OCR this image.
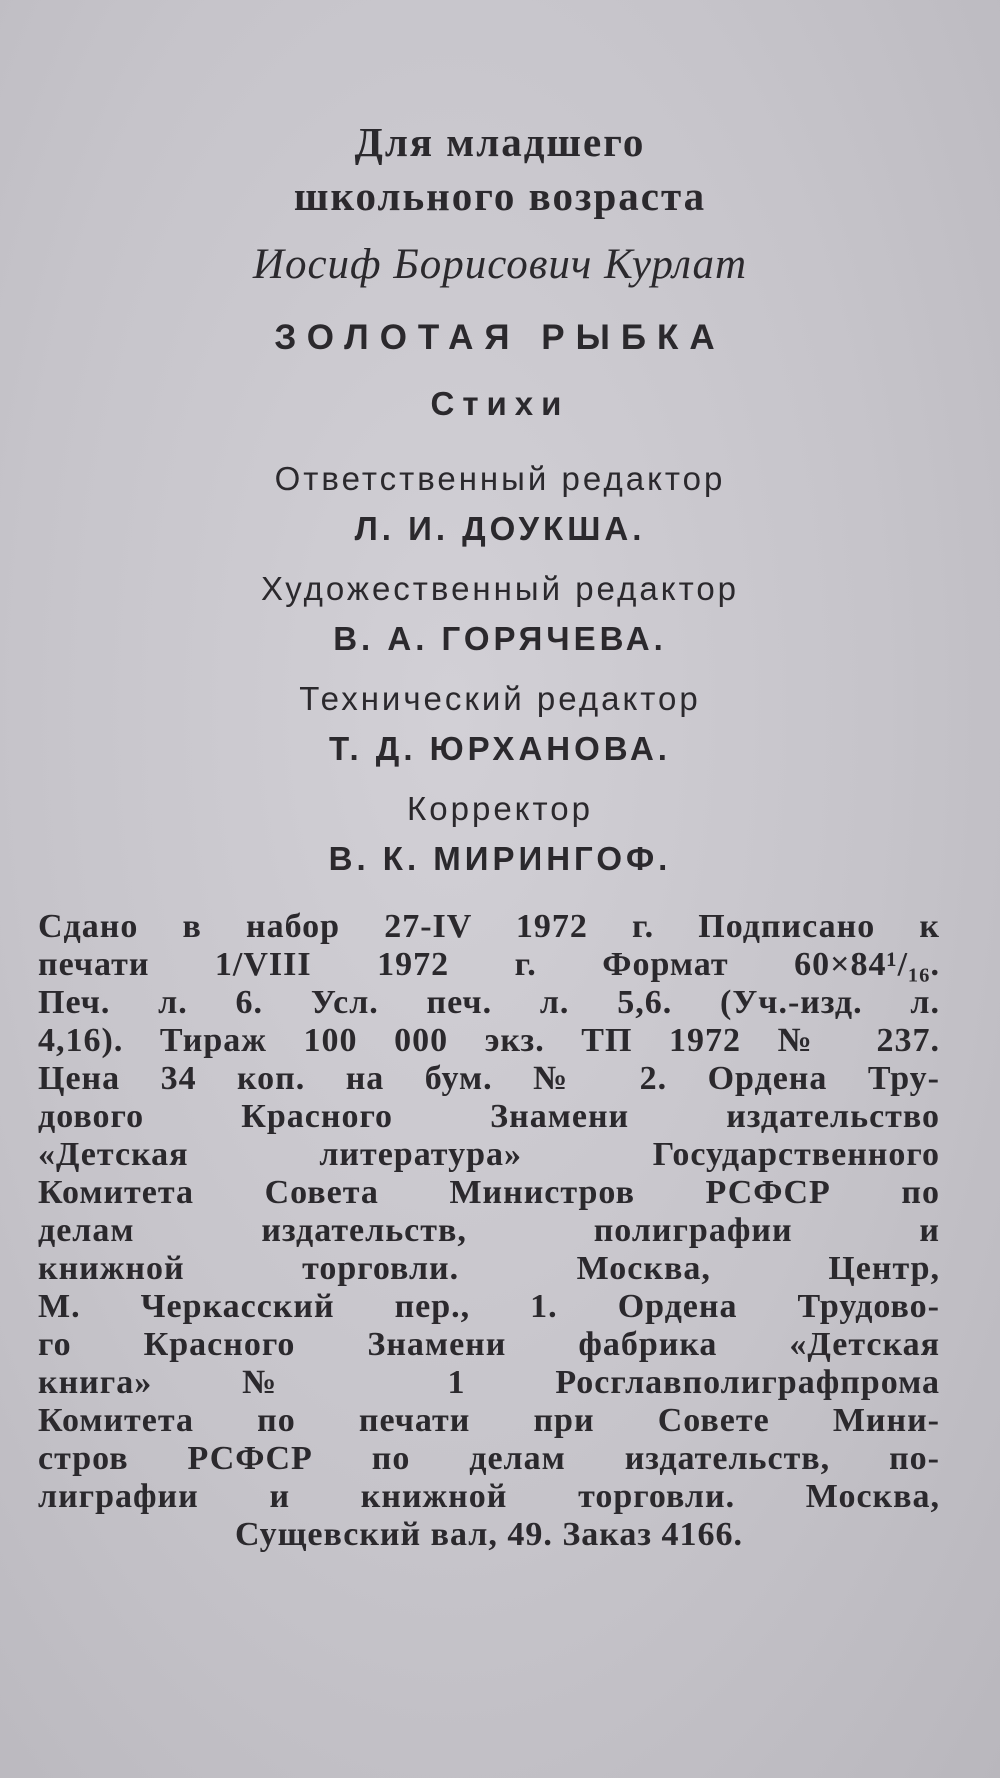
Для младшего
школьного возраста
Иосиф Борисович Курлат
ЗОЛОТАЯ РЫБКА
Стихи
Ответственный редактор
Л. И. ДОУКША.
Художественный редактор
В. А. ГОРЯЧЕВА.
Технический редактор
Т. Д. ЮРХАНОВА.
Корректор
В. К. МИРИНГОФ.
Сдано в набор 27-IV 1972 г. Подписано к
печати 1/VIII 1972 г. Формат 60×84¹/₁₆.
Печ. л. 6. Усл. печ. л. 5,6. (Уч.-изд. л.
4,16). Тираж 100 000 экз. ТП 1972 № 237.
Цена 34 коп. на бум. № 2. Ордена Тру-
дового Красного Знамени издательство
«Детская литература» Государственного
Комитета Совета Министров РСФСР по
делам издательств, полиграфии и
книжной торговли. Москва, Центр,
М. Черкасский пер., 1. Ордена Трудово-
го Красного Знамени фабрика «Детская
книга» № 1 Росглавполиграфпрома
Комитета по печати при Совете Мини-
стров РСФСР по делам издательств, по-
лиграфии и книжной торговли. Москва,
Сущевский вал, 49. Заказ 4166.
